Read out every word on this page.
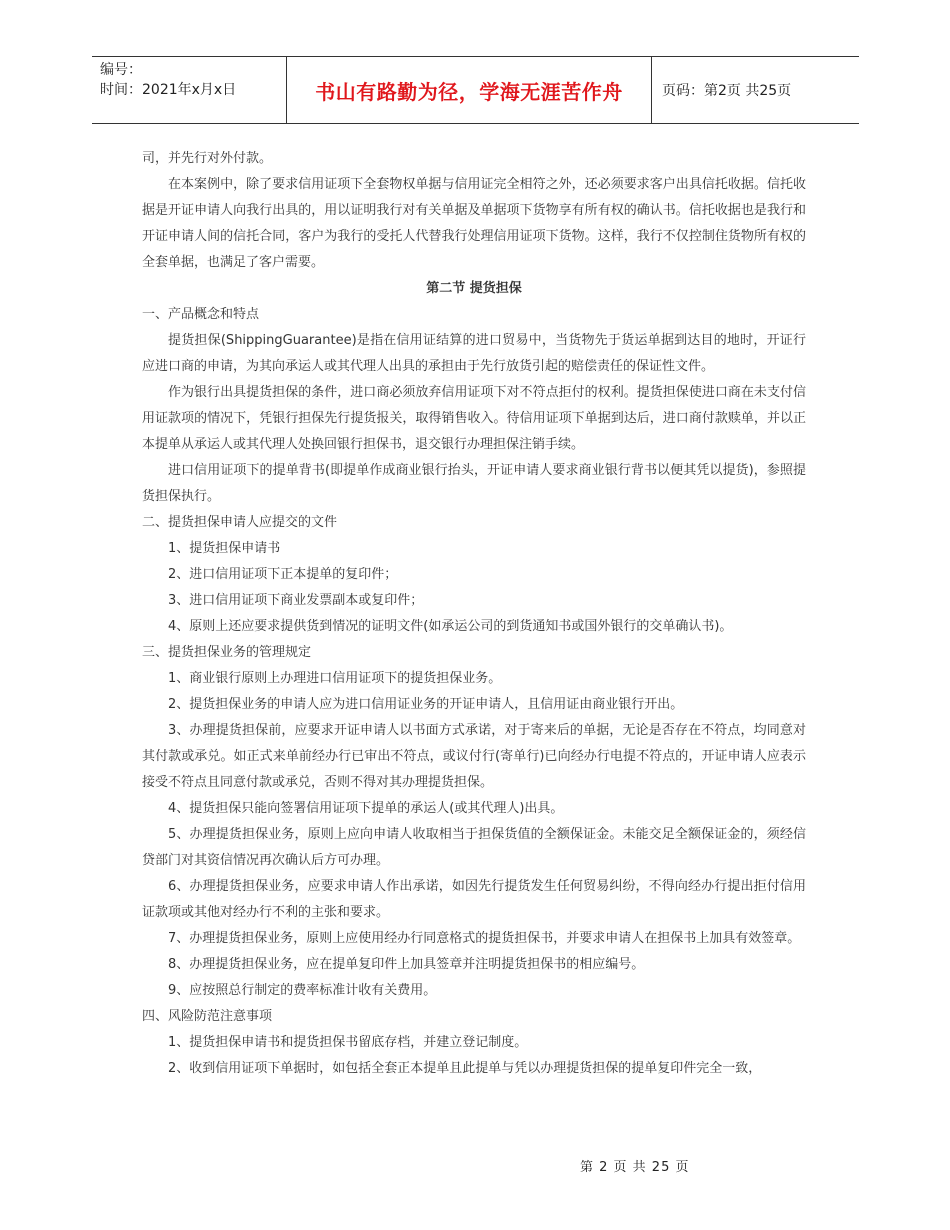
编号：
时间：2021年x月x日	书山有路勤为径，学海无涯苦作舟	页码：第2页 共25页

司，并先行对外付款。

在本案例中，除了要求信用证项下全套物权单据与信用证完全相符之外，还必须要求客户出具信托收据。信托收据是开证申请人向我行出具的，用以证明我行对有关单据及单据项下货物享有所有权的确认书。信托收据也是我行和开证申请人间的信托合同，客户为我行的受托人代替我行处理信用证项下货物。这样，我行不仅控制住货物所有权的全套单据，也满足了客户需要。

第二节 提货担保

一、产品概念和特点

提货担保(ShippingGuarantee)是指在信用证结算的进口贸易中，当货物先于货运单据到达目的地时，开证行应进口商的申请，为其向承运人或其代理人出具的承担由于先行放货引起的赔偿责任的保证性文件。

作为银行出具提货担保的条件，进口商必须放弃信用证项下对不符点拒付的权利。提货担保使进口商在未支付信用证款项的情况下，凭银行担保先行提货报关，取得销售收入。待信用证项下单据到达后，进口商付款赎单，并以正本提单从承运人或其代理人处换回银行担保书，退交银行办理担保注销手续。

进口信用证项下的提单背书(即提单作成商业银行抬头，开证申请人要求商业银行背书以便其凭以提货)，参照提货担保执行。

二、提货担保申请人应提交的文件

1、提货担保申请书

2、进口信用证项下正本提单的复印件；

3、进口信用证项下商业发票副本或复印件；

4、原则上还应要求提供货到情况的证明文件(如承运公司的到货通知书或国外银行的交单确认书)。

三、提货担保业务的管理规定

1、商业银行原则上办理进口信用证项下的提货担保业务。

2、提货担保业务的申请人应为进口信用证业务的开证申请人，且信用证由商业银行开出。

3、办理提货担保前，应要求开证申请人以书面方式承诺，对于寄来后的单据，无论是否存在不符点，均同意对其付款或承兑。如正式来单前经办行已审出不符点，或议付行(寄单行)已向经办行电提不符点的，开证申请人应表示接受不符点且同意付款或承兑，否则不得对其办理提货担保。

4、提货担保只能向签署信用证项下提单的承运人(或其代理人)出具。

5、办理提货担保业务，原则上应向申请人收取相当于担保货值的全额保证金。未能交足全额保证金的，须经信贷部门对其资信情况再次确认后方可办理。

6、办理提货担保业务，应要求申请人作出承诺，如因先行提货发生任何贸易纠纷，不得向经办行提出拒付信用证款项或其他对经办行不利的主张和要求。

7、办理提货担保业务，原则上应使用经办行同意格式的提货担保书，并要求申请人在担保书上加具有效签章。

8、办理提货担保业务，应在提单复印件上加具签章并注明提货担保书的相应编号。

9、应按照总行制定的费率标准计收有关费用。

四、风险防范注意事项

1、提货担保申请书和提货担保书留底存档，并建立登记制度。

2、收到信用证项下单据时，如包括全套正本提单且此提单与凭以办理提货担保的提单复印件完全一致，

第 2 页 共 25 页
